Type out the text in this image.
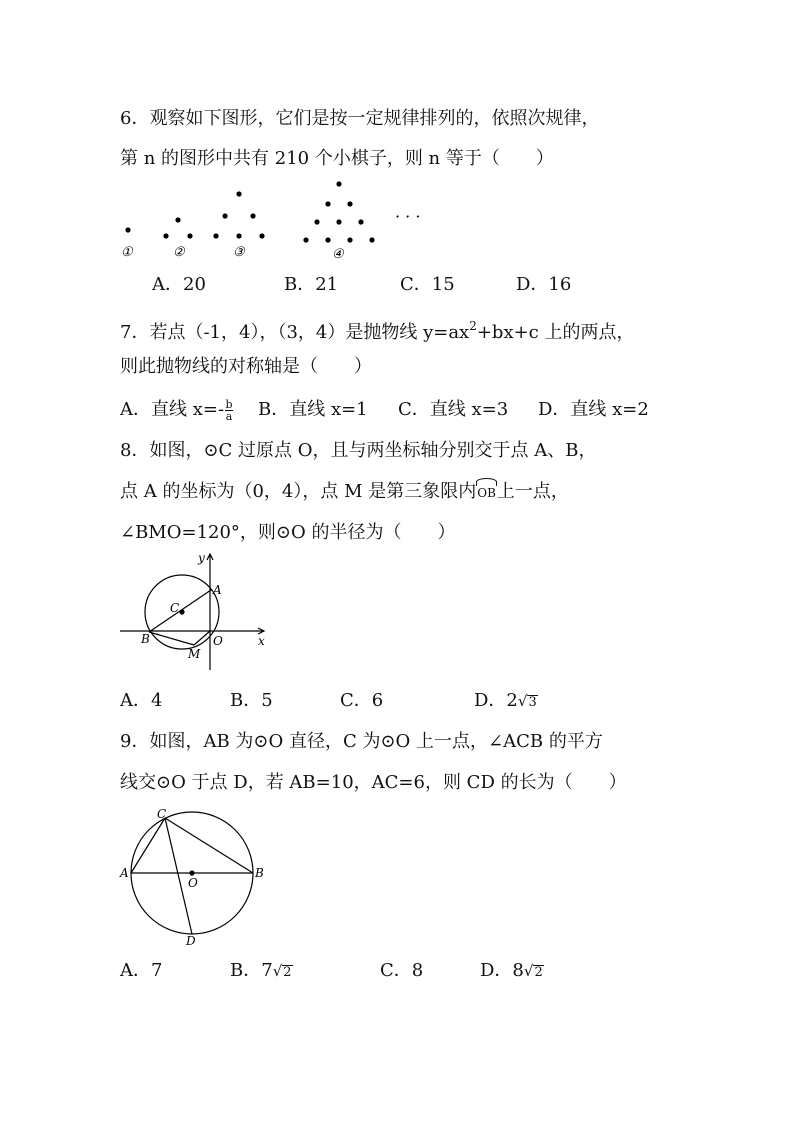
6．观察如下图形，它们是按一定规律排列的，依照次规律，
第 n 的图形中共有 210 个小棋子，则 n 等于（　　）
①	②	③	④
· · ·
A．20	B．21	C．15	D．16
7．若点（-1，4），（3，4）是抛物线 $y=ax^2+bx+c$ 上的两点，
则此抛物线的对称轴是（　　）
A．直线 $x=- \frac{b}{a}$ B．直线 x=1 C．直线 x=3 D．直线 x=2
8．如图，⊙C 过原点 O，且与两坐标轴分别交于点 A、B，
点 A 的坐标为（0，4），点 M 是第三象限内OB上一点，
∠BMO=120°，则⊙O 的半径为（　　）
y
x
A
B
C
O
M
A．4	B．5	C．6	D．2√3
9．如图，AB 为⊙O 直径，C 为⊙O 上一点，∠ACB 的平方
线交⊙O 于点 D，若 AB=10，AC=6，则 CD 的长为（　　）
A	B
C
O
D
A．7	B．7√2	C．8	D．8√2
